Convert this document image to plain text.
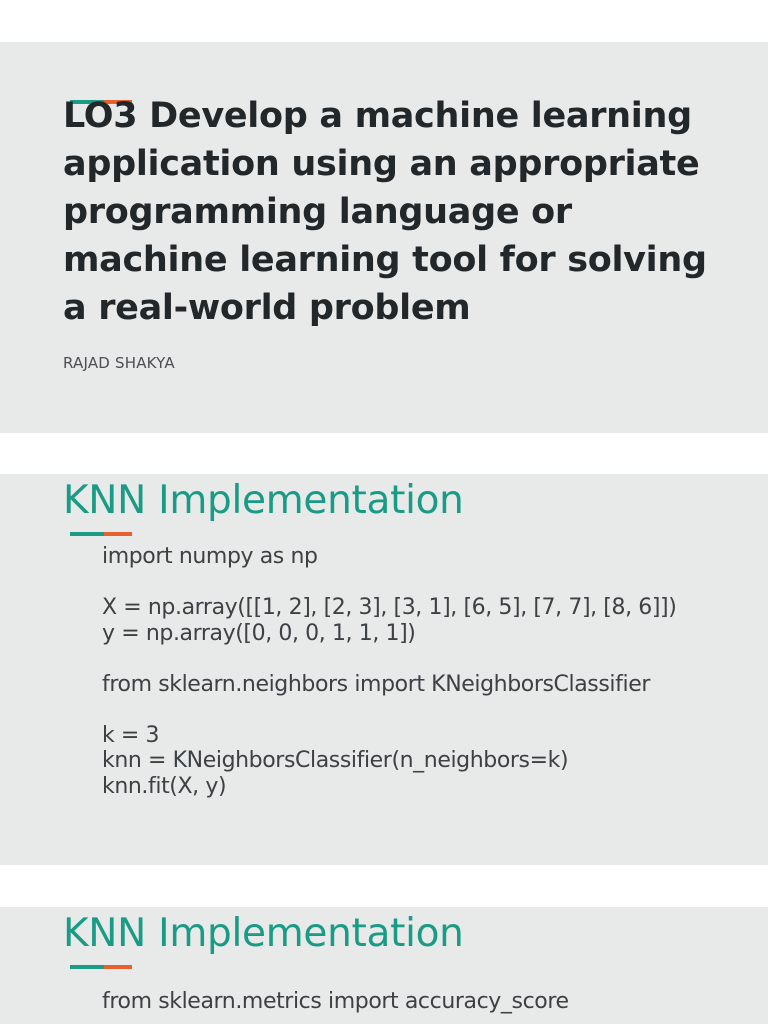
LO3 Develop a machine learning application using an appropriate programming language or machine learning tool for solving a real-world problem

RAJAD SHAKYA

KNN Implementation
import numpy as np
X = np.array([[1, 2], [2, 3], [3, 1], [6, 5], [7, 7], [8, 6]])
y = np.array([0, 0, 0, 1, 1, 1])
from sklearn.neighbors import KNeighborsClassifier
k = 3
knn = KNeighborsClassifier(n_neighbors=k)
knn.fit(X, y)
KNN Implementation
from sklearn.metrics import accuracy_score
